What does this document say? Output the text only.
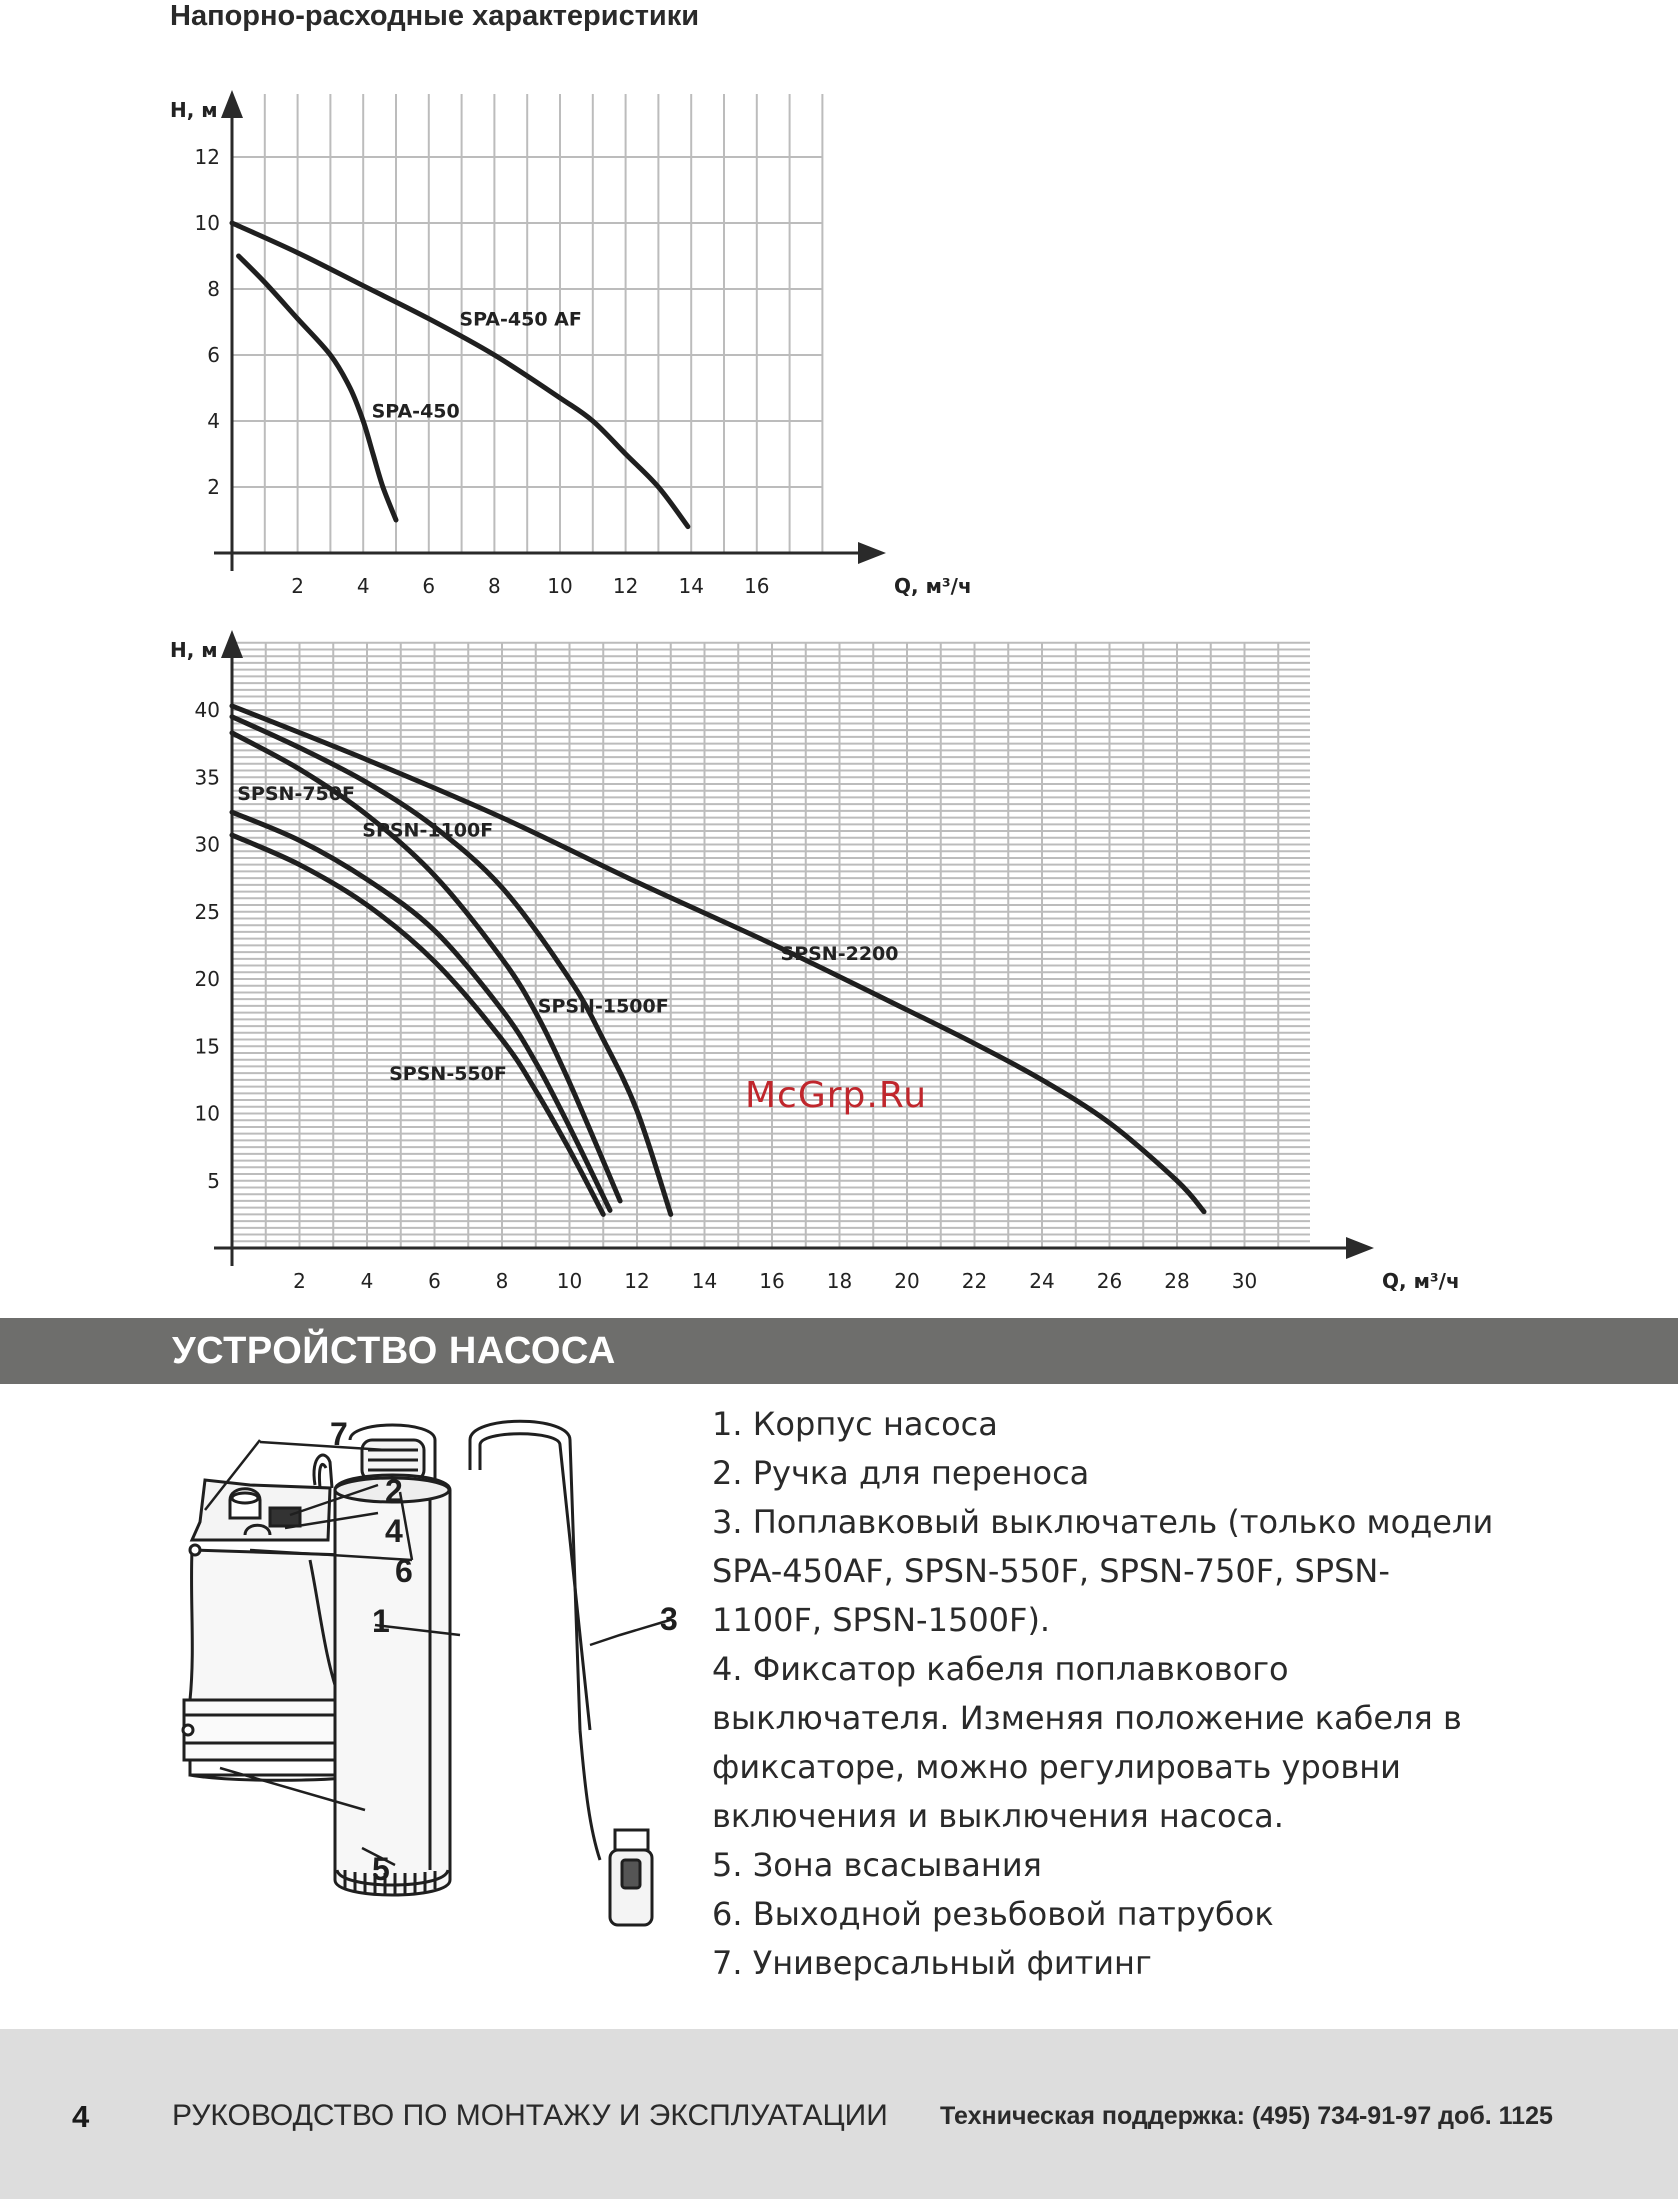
Напорно-расходные характеристики
2	4	6	8 10 12 14 16
2
4
6
8
10
12
H, м
Q, м³/ч
SPA-450 AF
SPA-450
2	4	6	8 10 12 14 16 18 20 22 24 26 28 30
5
10
15
20
25
30
35
40
H, м
Q, м³/ч
SPSN-2200
SPSN-1500F
SPSN-1100F
SPSN-750F
SPSN-550F
McGrp.Ru
УСТРОЙСТВО НАСОСА
7
2
4
6
1	3
5
1. Корпус насоса
2. Ручка для переноса
3. Поплавковый выключатель (только модели
SPA-450AF, SPSN-550F, SPSN-750F, SPSN-
1100F, SPSN-1500F).
4. Фиксатор кабеля поплавкового
выключателя. Изменяя положение кабеля в
фиксаторе, можно регулировать уровни
включения и выключения насоса.
5. Зона всасывания
6. Выходной резьбовой патрубок
7. Универсальный фитинг
4	РУКОВОДСТВО ПО МОНТАЖУ И ЭКСПЛУАТАЦИИ Техническая поддержка: (495) 734-91-97 доб. 1125
